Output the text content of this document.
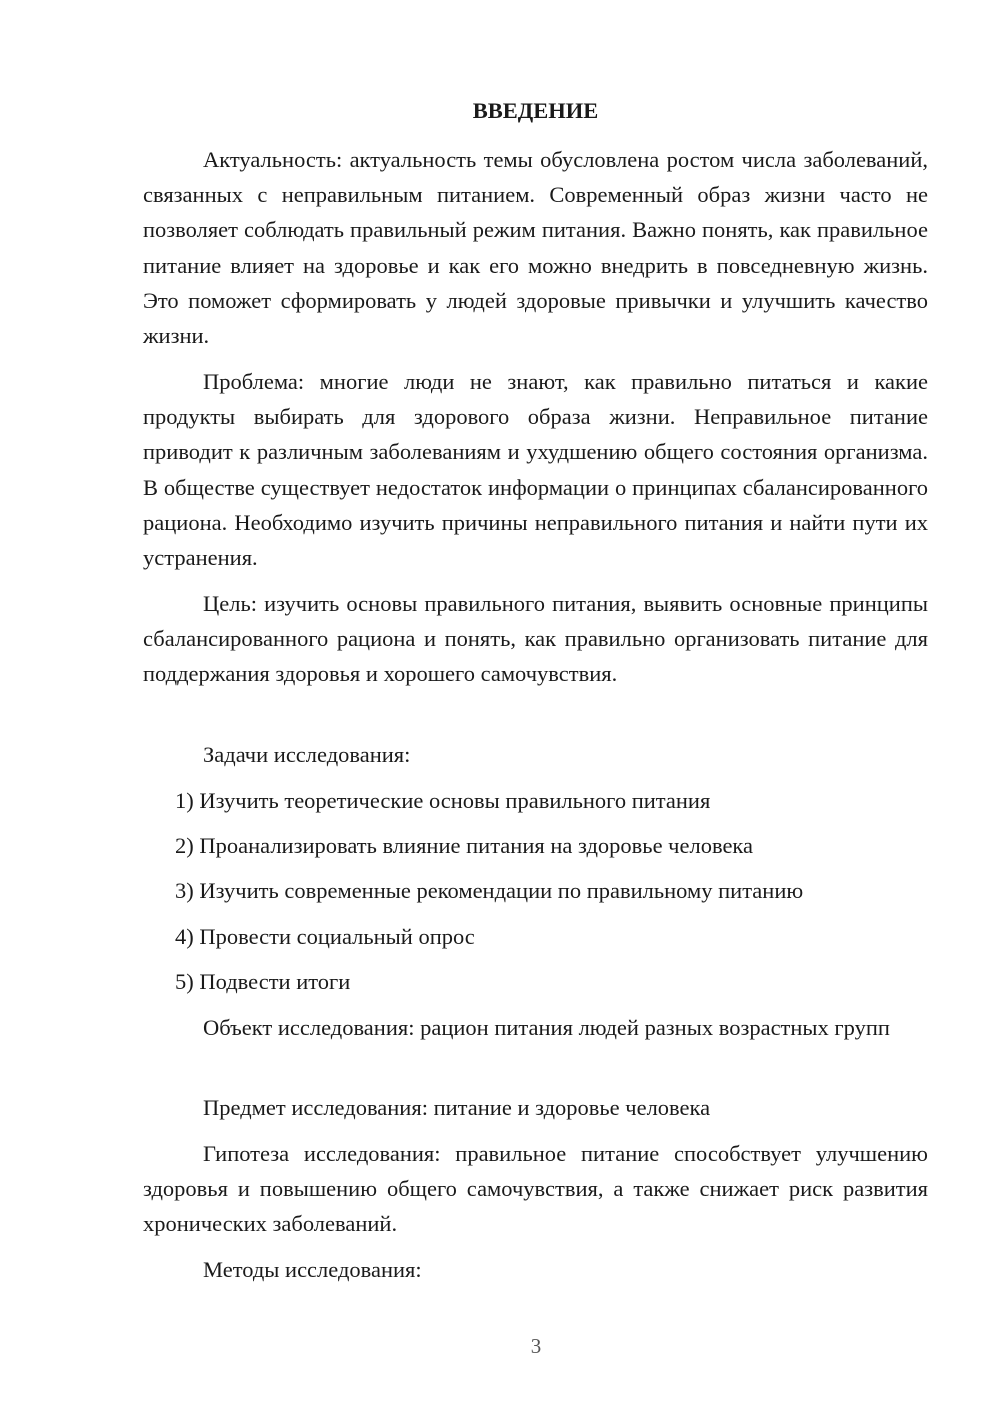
ВВЕДЕНИЕ

Актуальность: актуальность темы обусловлена ростом числа заболеваний, связанных с неправильным питанием. Современный образ жизни часто не позволяет соблюдать правильный режим питания. Важно понять, как правильное питание влияет на здоровье и как его можно внедрить в повседневную жизнь. Это поможет сформировать у людей здоровые привычки и улучшить качество жизни.

Проблема: многие люди не знают, как правильно питаться и какие продукты выбирать для здорового образа жизни. Неправильное питание приводит к различным заболеваниям и ухудшению общего состояния организма. В обществе существует недостаток информации о принципах сбалансированного рациона. Необходимо изучить причины неправильного питания и найти пути их устранения.

Цель: изучить основы правильного питания, выявить основные принципы сбалансированного рациона и понять, как правильно организовать питание для поддержания здоровья и хорошего самочувствия.

Задачи исследования:

1) Изучить теоретические основы правильного питания

2) Проанализировать влияние питания на здоровье человека

3) Изучить современные рекомендации по правильному питанию

4) Провести социальный опрос

5) Подвести итоги

Объект исследования: рацион питания людей разных возрастных групп

Предмет исследования: питание и здоровье человека

Гипотеза исследования: правильное питание способствует улучшению здоровья и повышению общего самочувствия, а также снижает риск развития хронических заболеваний.

Методы исследования:

3
